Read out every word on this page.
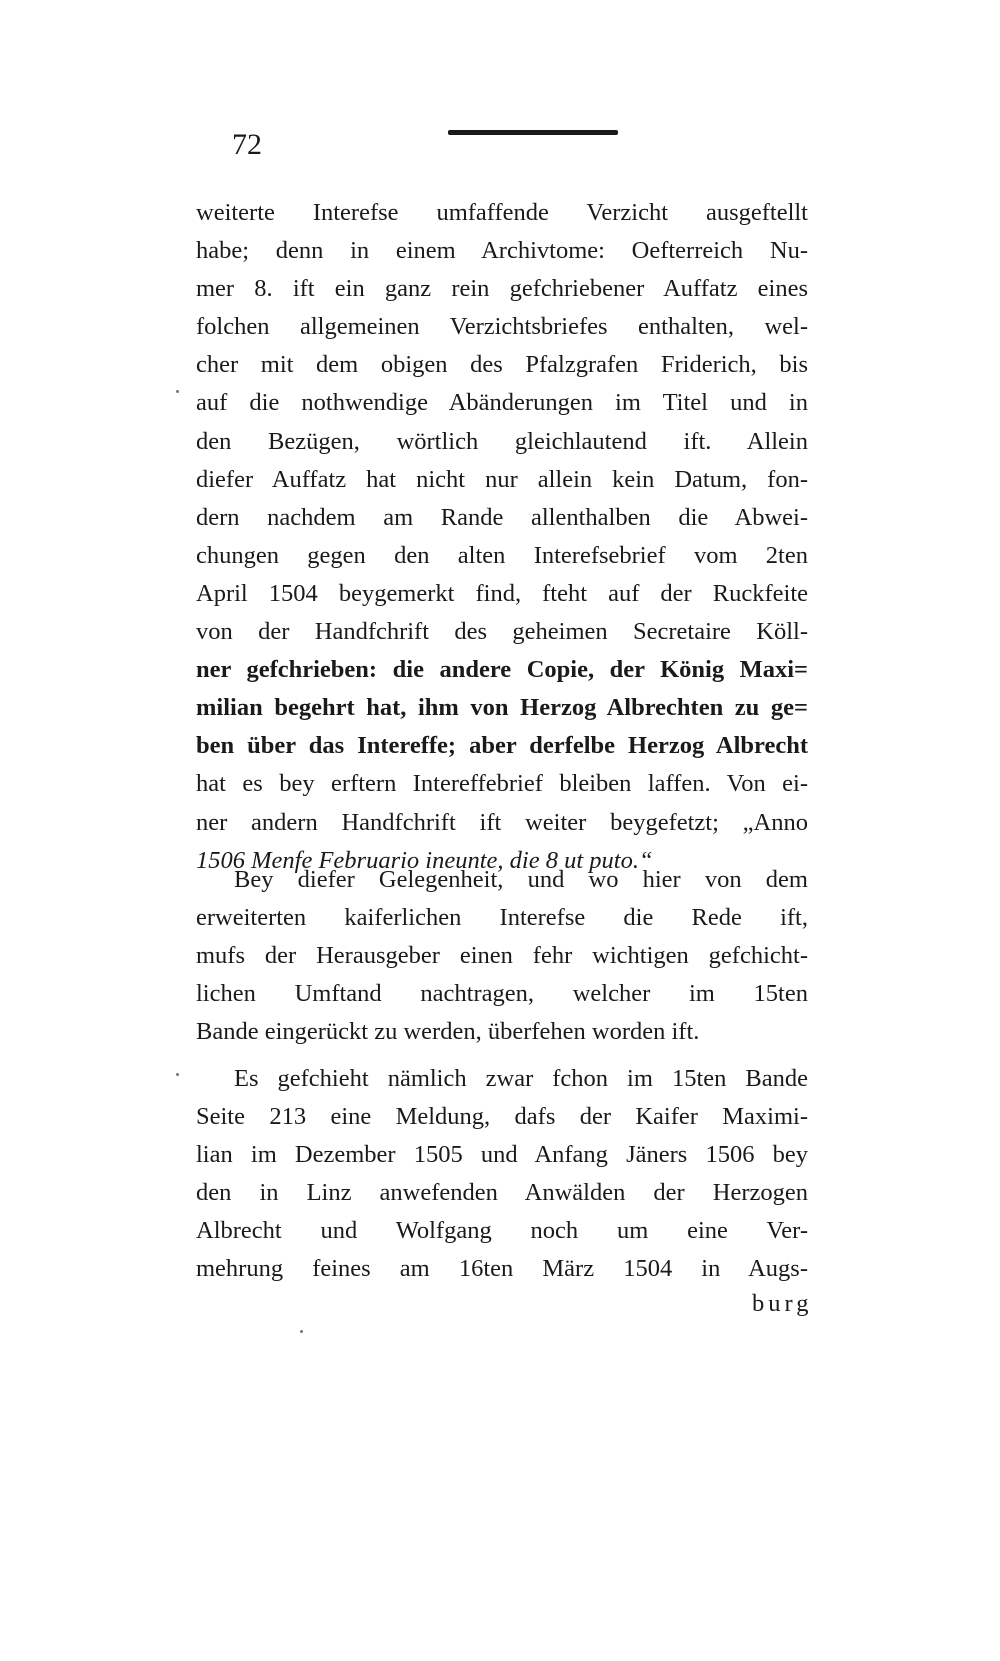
72
weiterte Interefse umfaffende Verzicht ausgeftellt
habe; denn in einem Archivtome: Oefterreich Nu-
mer 8. ift ein ganz rein gefchriebener Auffatz eines
folchen allgemeinen Verzichtsbriefes enthalten, wel-
cher mit dem obigen des Pfalzgrafen Friderich, bis
auf die nothwendige Abänderungen im Titel und in
den Bezügen, wörtlich gleichlautend ift. Allein
diefer Auffatz hat nicht nur allein kein Datum, fon-
dern nachdem am Rande allenthalben die Abwei-
chungen gegen den alten Interefsebrief vom 2ten
April 1504 beygemerkt find, fteht auf der Ruckfeite
von der Handfchrift des geheimen Secretaire Köll-
ner gefchrieben: die andere Copie, der König Maxi=
milian begehrt hat, ihm von Herzog Albrechten zu ge=
ben über das Intereffe; aber derfelbe Herzog Albrecht
hat es bey erftern Intereffebrief bleiben laffen. Von ei-
ner andern Handfchrift ift weiter beygefetzt; „Anno
1506 Menfe Februario ineunte, die 8 ut puto.“
Bey diefer Gelegenheit, und wo hier von dem
erweiterten kaiferlichen Interefse die Rede ift,
mufs der Herausgeber einen fehr wichtigen gefchicht-
lichen Umftand nachtragen, welcher im 15ten
Bande eingerückt zu werden, überfehen worden ift.
Es gefchieht nämlich zwar fchon im 15ten Bande
Seite 213 eine Meldung, dafs der Kaifer Maximi-
lian im Dezember 1505 und Anfang Jäners 1506 bey
den in Linz anwefenden Anwälden der Herzogen
Albrecht und Wolfgang noch um eine Ver-
mehrung feines am 16ten März 1504 in Augs-
burg
